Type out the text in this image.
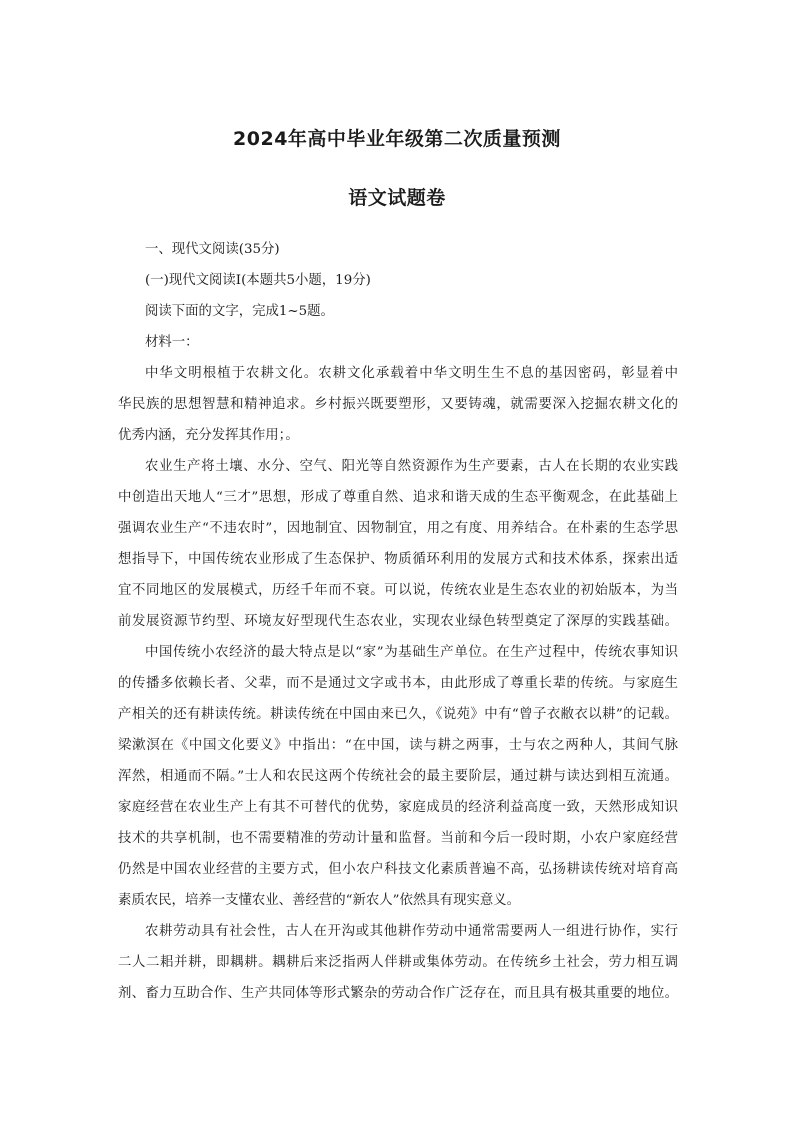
2024年高中毕业年级第二次质量预测
语文试题卷

一、现代文阅读(35分)

(一)现代文阅读Ⅰ(本题共5小题，19分)

阅读下面的文字，完成1~5题。

材料一：

中华文明根植于农耕文化。农耕文化承载着中华文明生生不息的基因密码，彰显着中
华民族的思想智慧和精神追求。乡村振兴既要塑形，又要铸魂，就需要深入挖掘农耕文化的
优秀内涵，充分发挥其作用；。
农业生产将土壤、水分、空气、阳光等自然资源作为生产要素，古人在长期的农业实践
中创造出天地人“三才”思想，形成了尊重自然、追求和谐天成的生态平衡观念，在此基础上
强调农业生产“不违农时”，因地制宜、因物制宜，用之有度、用养结合。在朴素的生态学思
想指导下，中国传统农业形成了生态保护、物质循环利用的发展方式和技术体系，探索出适
宜不同地区的发展模式，历经千年而不衰。可以说，传统农业是生态农业的初始版本，为当
前发展资源节约型、环境友好型现代生态农业，实现农业绿色转型奠定了深厚的实践基础。
中国传统小农经济的最大特点是以“家”为基础生产单位。在生产过程中，传统农事知识
的传播多依赖长者、父辈，而不是通过文字或书本，由此形成了尊重长辈的传统。与家庭生
产相关的还有耕读传统。耕读传统在中国由来已久，《说苑》中有“曾子衣敝衣以耕”的记载。
梁漱溟在《中国文化要义》中指出：“在中国，读与耕之两事，士与农之两种人，其间气脉
浑然，相通而不隔。”士人和农民这两个传统社会的最主要阶层，通过耕与读达到相互流通。
家庭经营在农业生产上有其不可替代的优势，家庭成员的经济利益高度一致，天然形成知识
技术的共享机制，也不需要精准的劳动计量和监督。当前和今后一段时期，小农户家庭经营
仍然是中国农业经营的主要方式，但小农户科技文化素质普遍不高，弘扬耕读传统对培育高
素质农民，培养一支懂农业、善经营的“新农人”依然具有现实意义。
农耕劳动具有社会性，古人在开沟或其他耕作劳动中通常需要两人一组进行协作，实行
二人二耜并耕，即耦耕。耦耕后来泛指两人伴耕或集体劳动。在传统乡土社会，劳力相互调
剂、畜力互助合作、生产共同体等形式繁杂的劳动合作广泛存在，而且具有极其重要的地位。
